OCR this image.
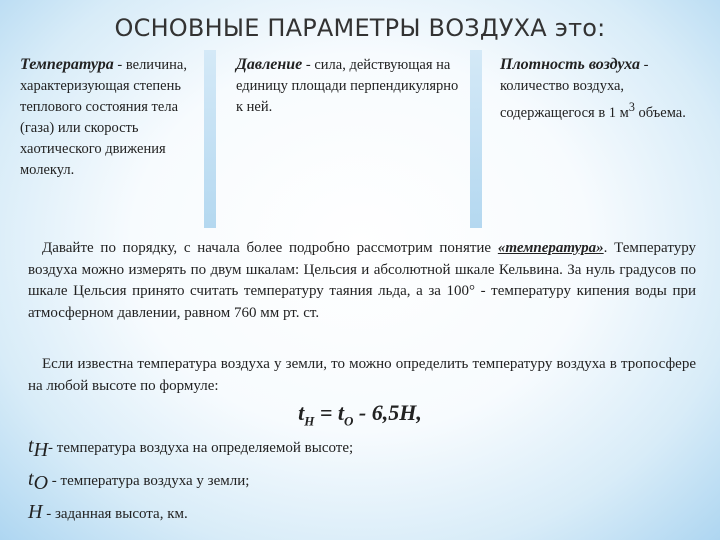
ОСНОВНЫЕ ПАРАМЕТРЫ ВОЗДУХА это:
Температура - величина, характеризующая степень теплового состояния тела (газа) или скорость хаотического движения молекул.
Давление - сила, действующая на единицу площади перпендикулярно к ней.
Плотность воздуха - количество воздуха, содержащегося в 1 $м^3$ объема.
Давайте по порядку, с начала более подробно рассмотрим понятие «температура». Температуру воздуха можно измерять по двум шкалам: Цельсия и абсолютной шкале Кельвина. За нуль градусов по шкале Цельсия принято считать температуру таяния льда, а за 100° - температуру кипения воды при атмосферном давлении, равном 760 мм рт. ст.
Если известна температура воздуха у земли, то можно определить температуру воздуха в тропосфере на любой высоте по формуле:
$t_H = t_O - 6,5H$,
$t_H-$ температура воздуха на определяемой высоте;
$t_O$ - температура воздуха у земли;
H - заданная высота, км.
